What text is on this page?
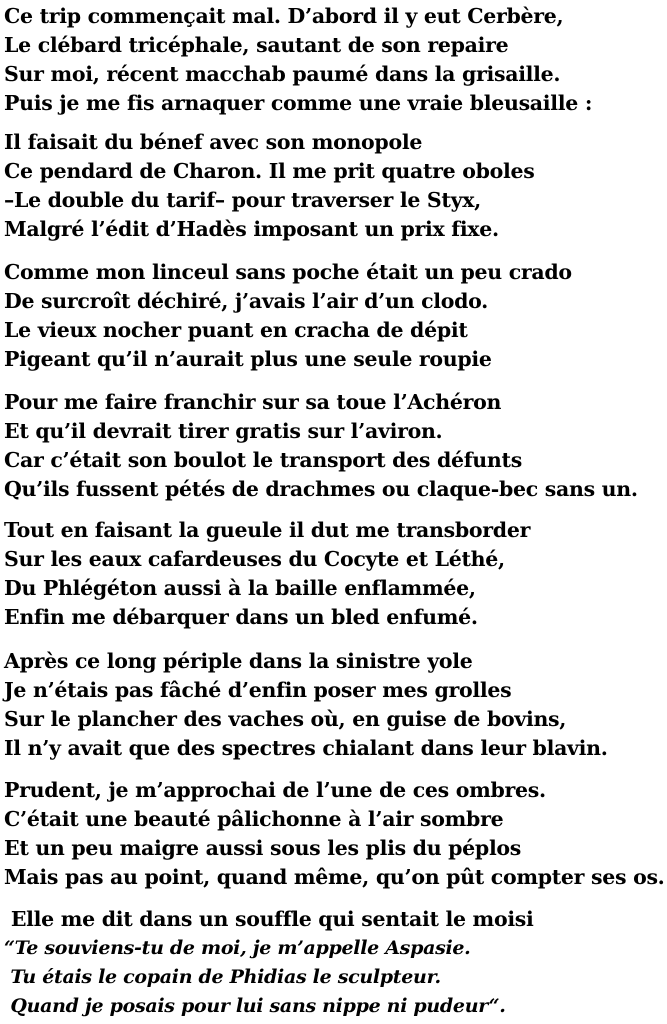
Ce trip commençait mal. D’abord il y eut Cerbère,
Le clébard tricéphale, sautant de son repaire
Sur moi, récent macchab paumé dans la grisaille.
Puis je me fis arnaquer comme une vraie bleusaille :
Il faisait du bénef avec son monopole
Ce pendard de Charon. Il me prit quatre oboles
–Le double du tarif– pour traverser le Styx,
Malgré l’édit d’Hadès imposant un prix fixe.
Comme mon linceul sans poche était un peu crado
De surcroît déchiré, j’avais l’air d’un clodo.
Le vieux nocher puant en cracha de dépit
Pigeant qu’il n’aurait plus une seule roupie
Pour me faire franchir sur sa toue l’Achéron
Et qu’il devrait tirer gratis sur l’aviron.
Car c’était son boulot le transport des défunts
Qu’ils fussent pétés de drachmes ou claque-bec sans un.
Tout en faisant la gueule il dut me transborder
Sur les eaux cafardeuses du Cocyte et Léthé,
Du Phlégéton aussi à la baille enflammée,
Enfin me débarquer dans un bled enfumé.
Après ce long périple dans la sinistre yole
Je n’étais pas fâché d’enfin poser mes grolles
Sur le plancher des vaches où, en guise de bovins,
Il n’y avait que des spectres chialant dans leur blavin.
Prudent, je m’approchai de l’une de ces ombres.
C’était une beauté pâlichonne à l’air sombre
Et un peu maigre aussi sous les plis du péplos
Mais pas au point, quand même, qu’on pût compter ses os.
Elle me dit dans un souffle qui sentait le moisi
“Te souviens-tu de moi, je m’appelle Aspasie.
Tu étais le copain de Phidias le sculpteur.
Quand je posais pour lui sans nippe ni pudeur“.
